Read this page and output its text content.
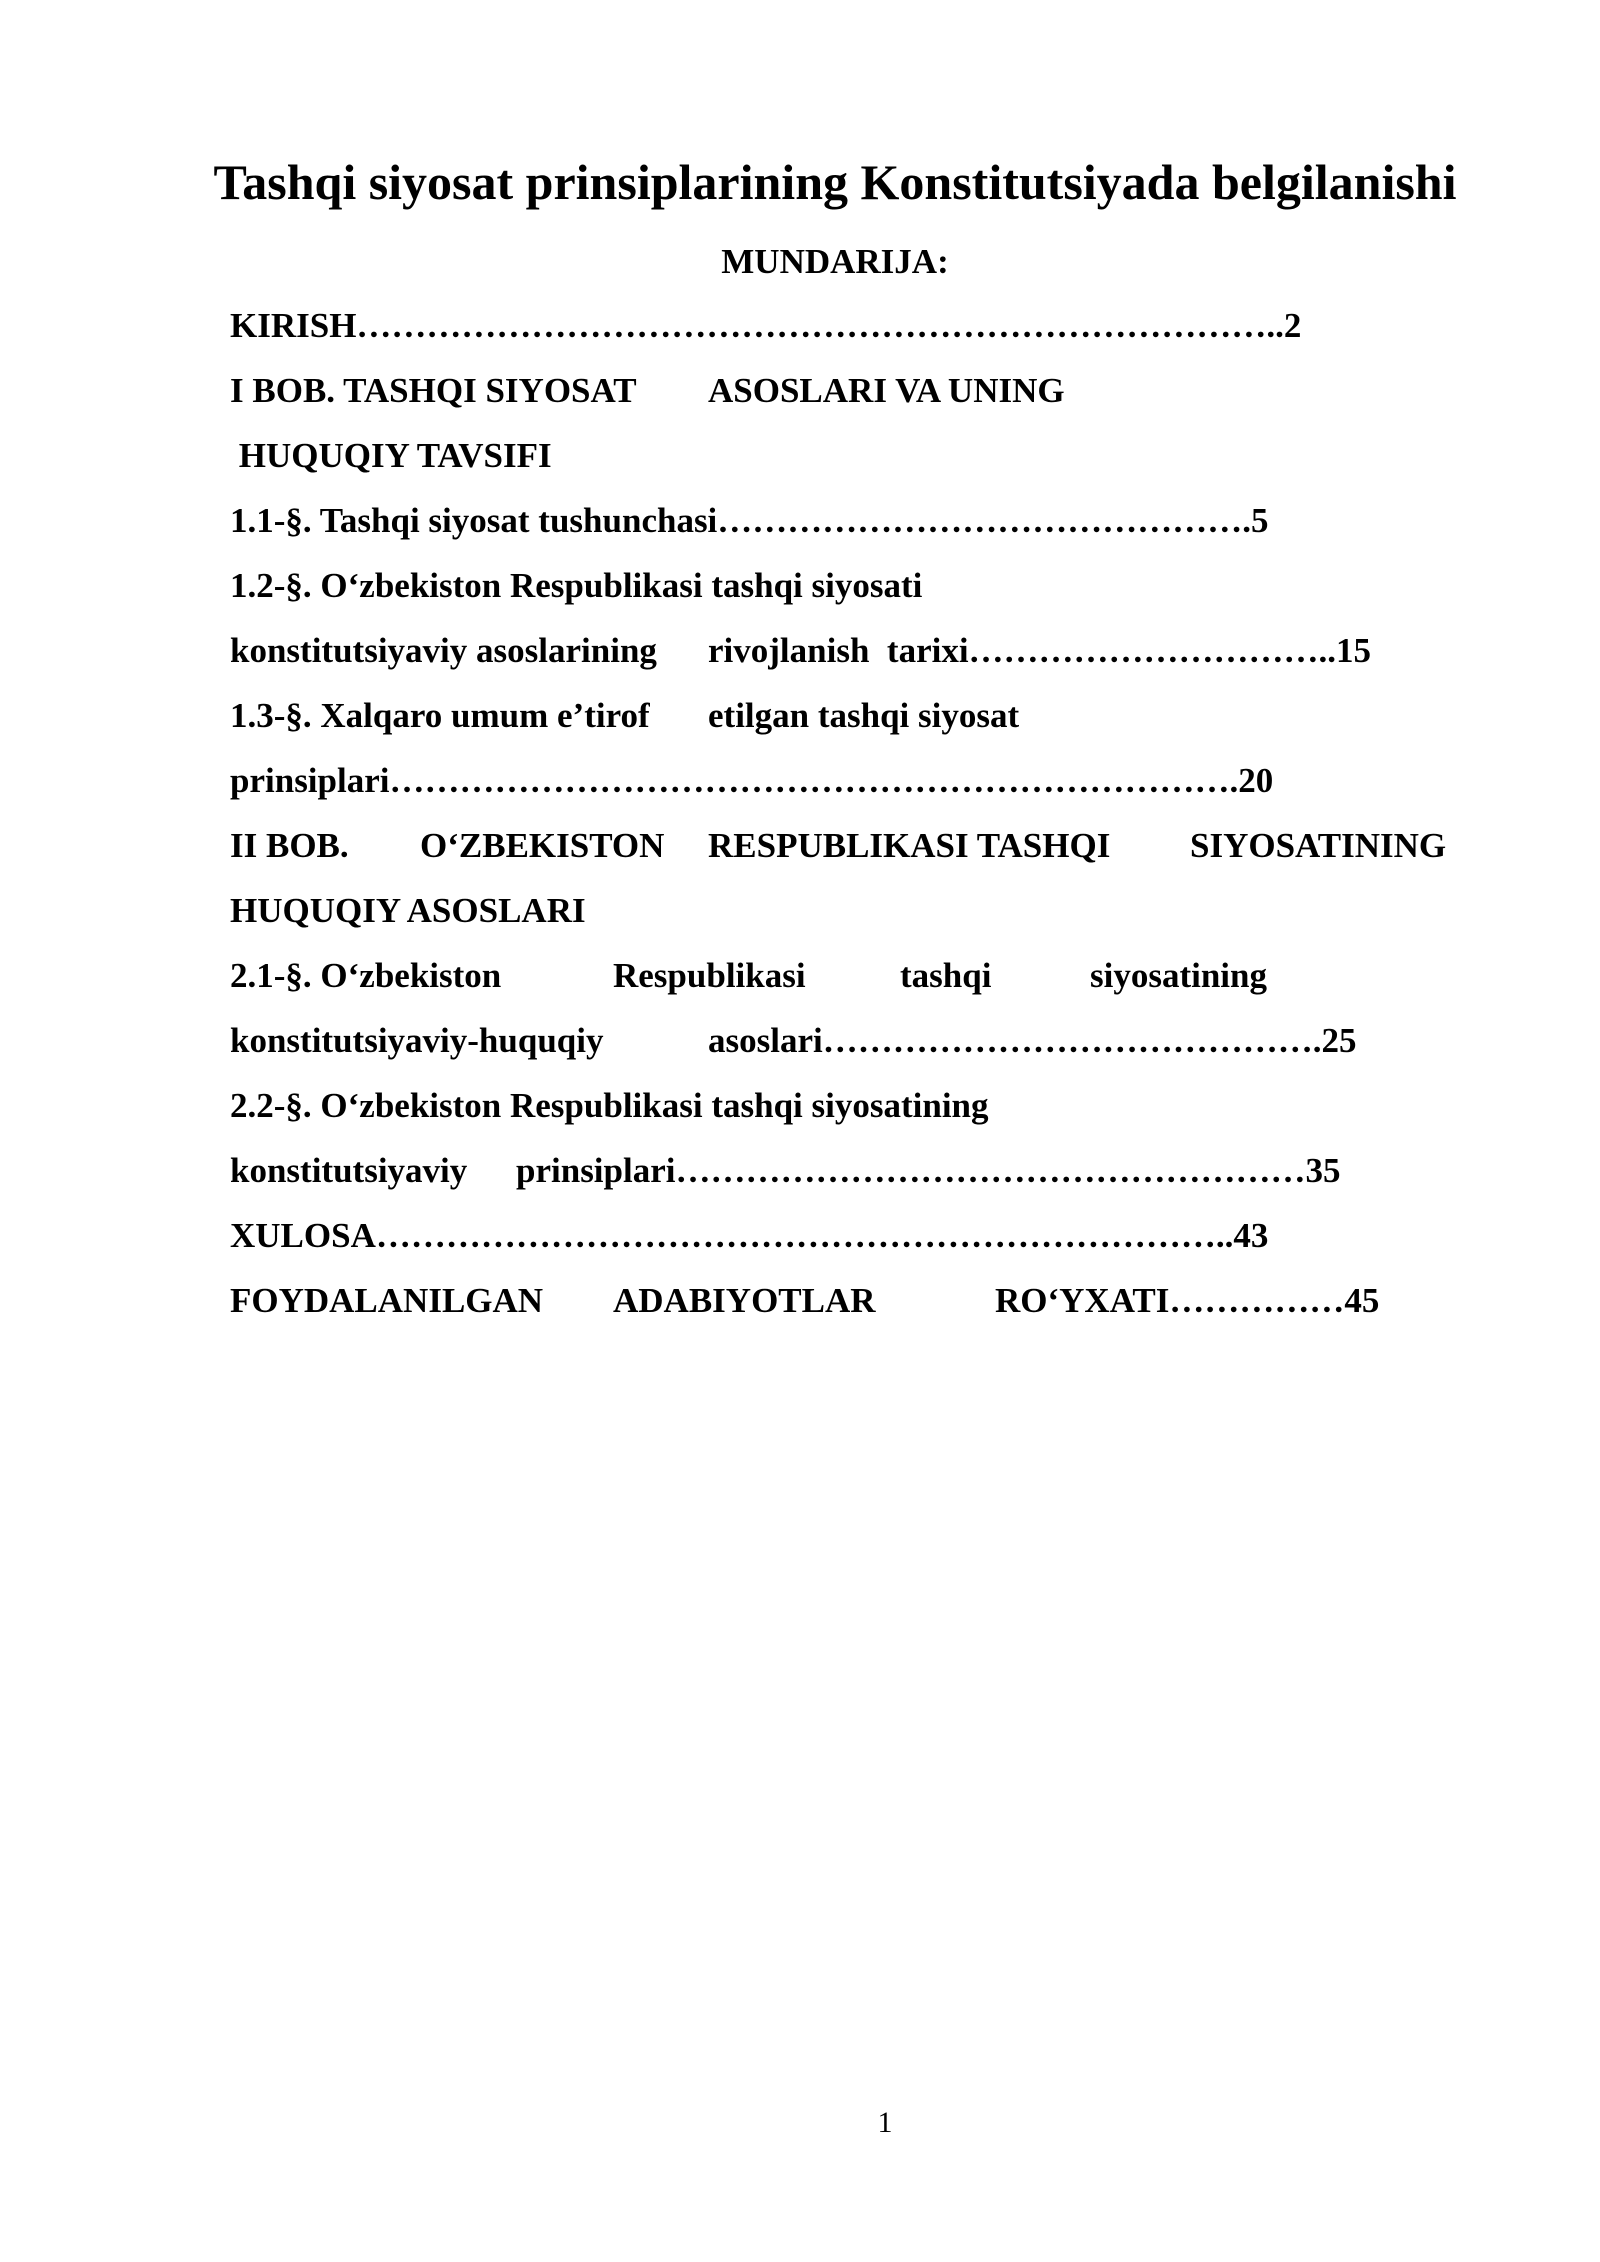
Tashqi siyosat prinsiplarining Konstitutsiyada belgilanishi
MUNDARIJA:

KIRISH……………………………………………………………………..2

I BOB. TASHQI SIYOSAT

ASOSLARI VA UNING

HUQUQIY TAVSIFI

1.1-§. Tashqi siyosat tushunchasi……………………………………….5

1.2-§. O‘zbekiston Respublikasi tashqi siyosati

konstitutsiyaviy asoslarining

rivojlanish  tarixi…………………………..15

1.3-§. Xalqaro umum e’tirof

etilgan tashqi siyosat

prinsiplari……………………………………………………………….20

II BOB.

O‘ZBEKISTON

RESPUBLIKASI TASHQI

SIYOSATINING

HUQUQIY ASOSLARI

2.1-§. O‘zbekiston

	Respublikasi

	tashqi

	siyosatining

konstitutsiyaviy-huquqiy

	asoslari…………………………………….25

2.2-§. O‘zbekiston Respublikasi tashqi siyosatining

konstitutsiyaviy

prinsiplari………………………………………………35

XULOSA………………………………………………………………..43

FOYDALANILGAN

ADABIYOTLAR

	RO‘YXATI……………45

1
